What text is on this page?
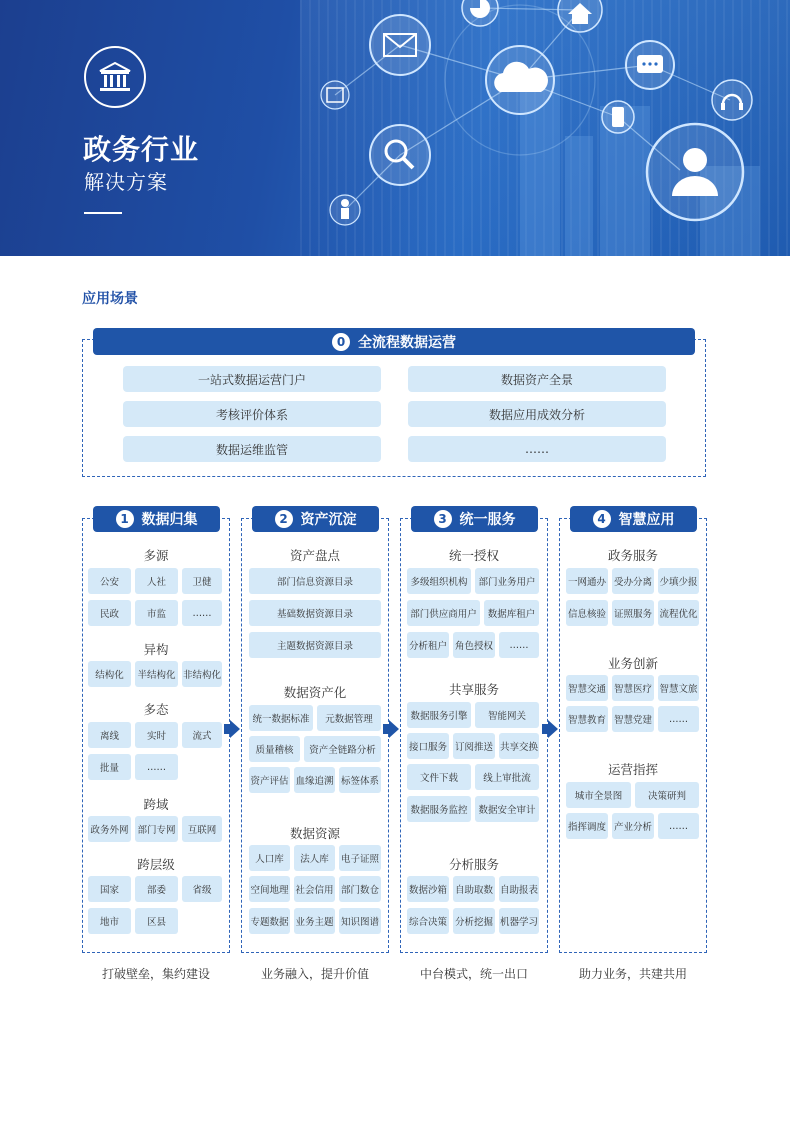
政务行业
解决方案
应用场景
0 全流程数据运营
一站式数据运营门户	数据资产全景
考核评价体系	数据应用成效分析
数据运维监管	……
1 数据归集
多源
公安	人社	卫健
民政	市监	……
异构
结构化	半结构化 非结构化
多态
离线	实时	流式
批量	……
跨域
政务外网 部门专网	互联网
跨层级
国家	部委	省级
地市	区县
打破壁垒，集约建设
2 资产沉淀
资产盘点
部门信息资源目录
基础数据资源目录
主题数据资源目录
数据资产化
统一数据标准	元数据管理
质量稽核	资产全链路分析
资产评估 血缘追溯 标签体系
数据资源
人口库	法人库	电子证照
空间地理 社会信用 部门数仓
专题数据 业务主题 知识图谱
业务融入，提升价值
3 统一服务
统一授权
多级组织机构	部门业务用户
部门供应商用户	数据库租户
分析租户 角色授权	……
共享服务
数据服务引擎	智能网关
接口服务 订阅推送 共享交换
文件下载	线上审批流
数据服务监控	数据安全审计
分析服务
数据沙箱 自助取数 自助报表
综合决策 分析挖掘 机器学习
中台模式，统一出口
4 智慧应用
政务服务
一网通办 受办分离 少填少报
信息核验 证照服务 流程优化
业务创新
智慧交通 智慧医疗 智慧文旅
智慧教育 智慧党建	……
运营指挥
城市全景图	决策研判
指挥调度 产业分析	……
助力业务，共建共用
